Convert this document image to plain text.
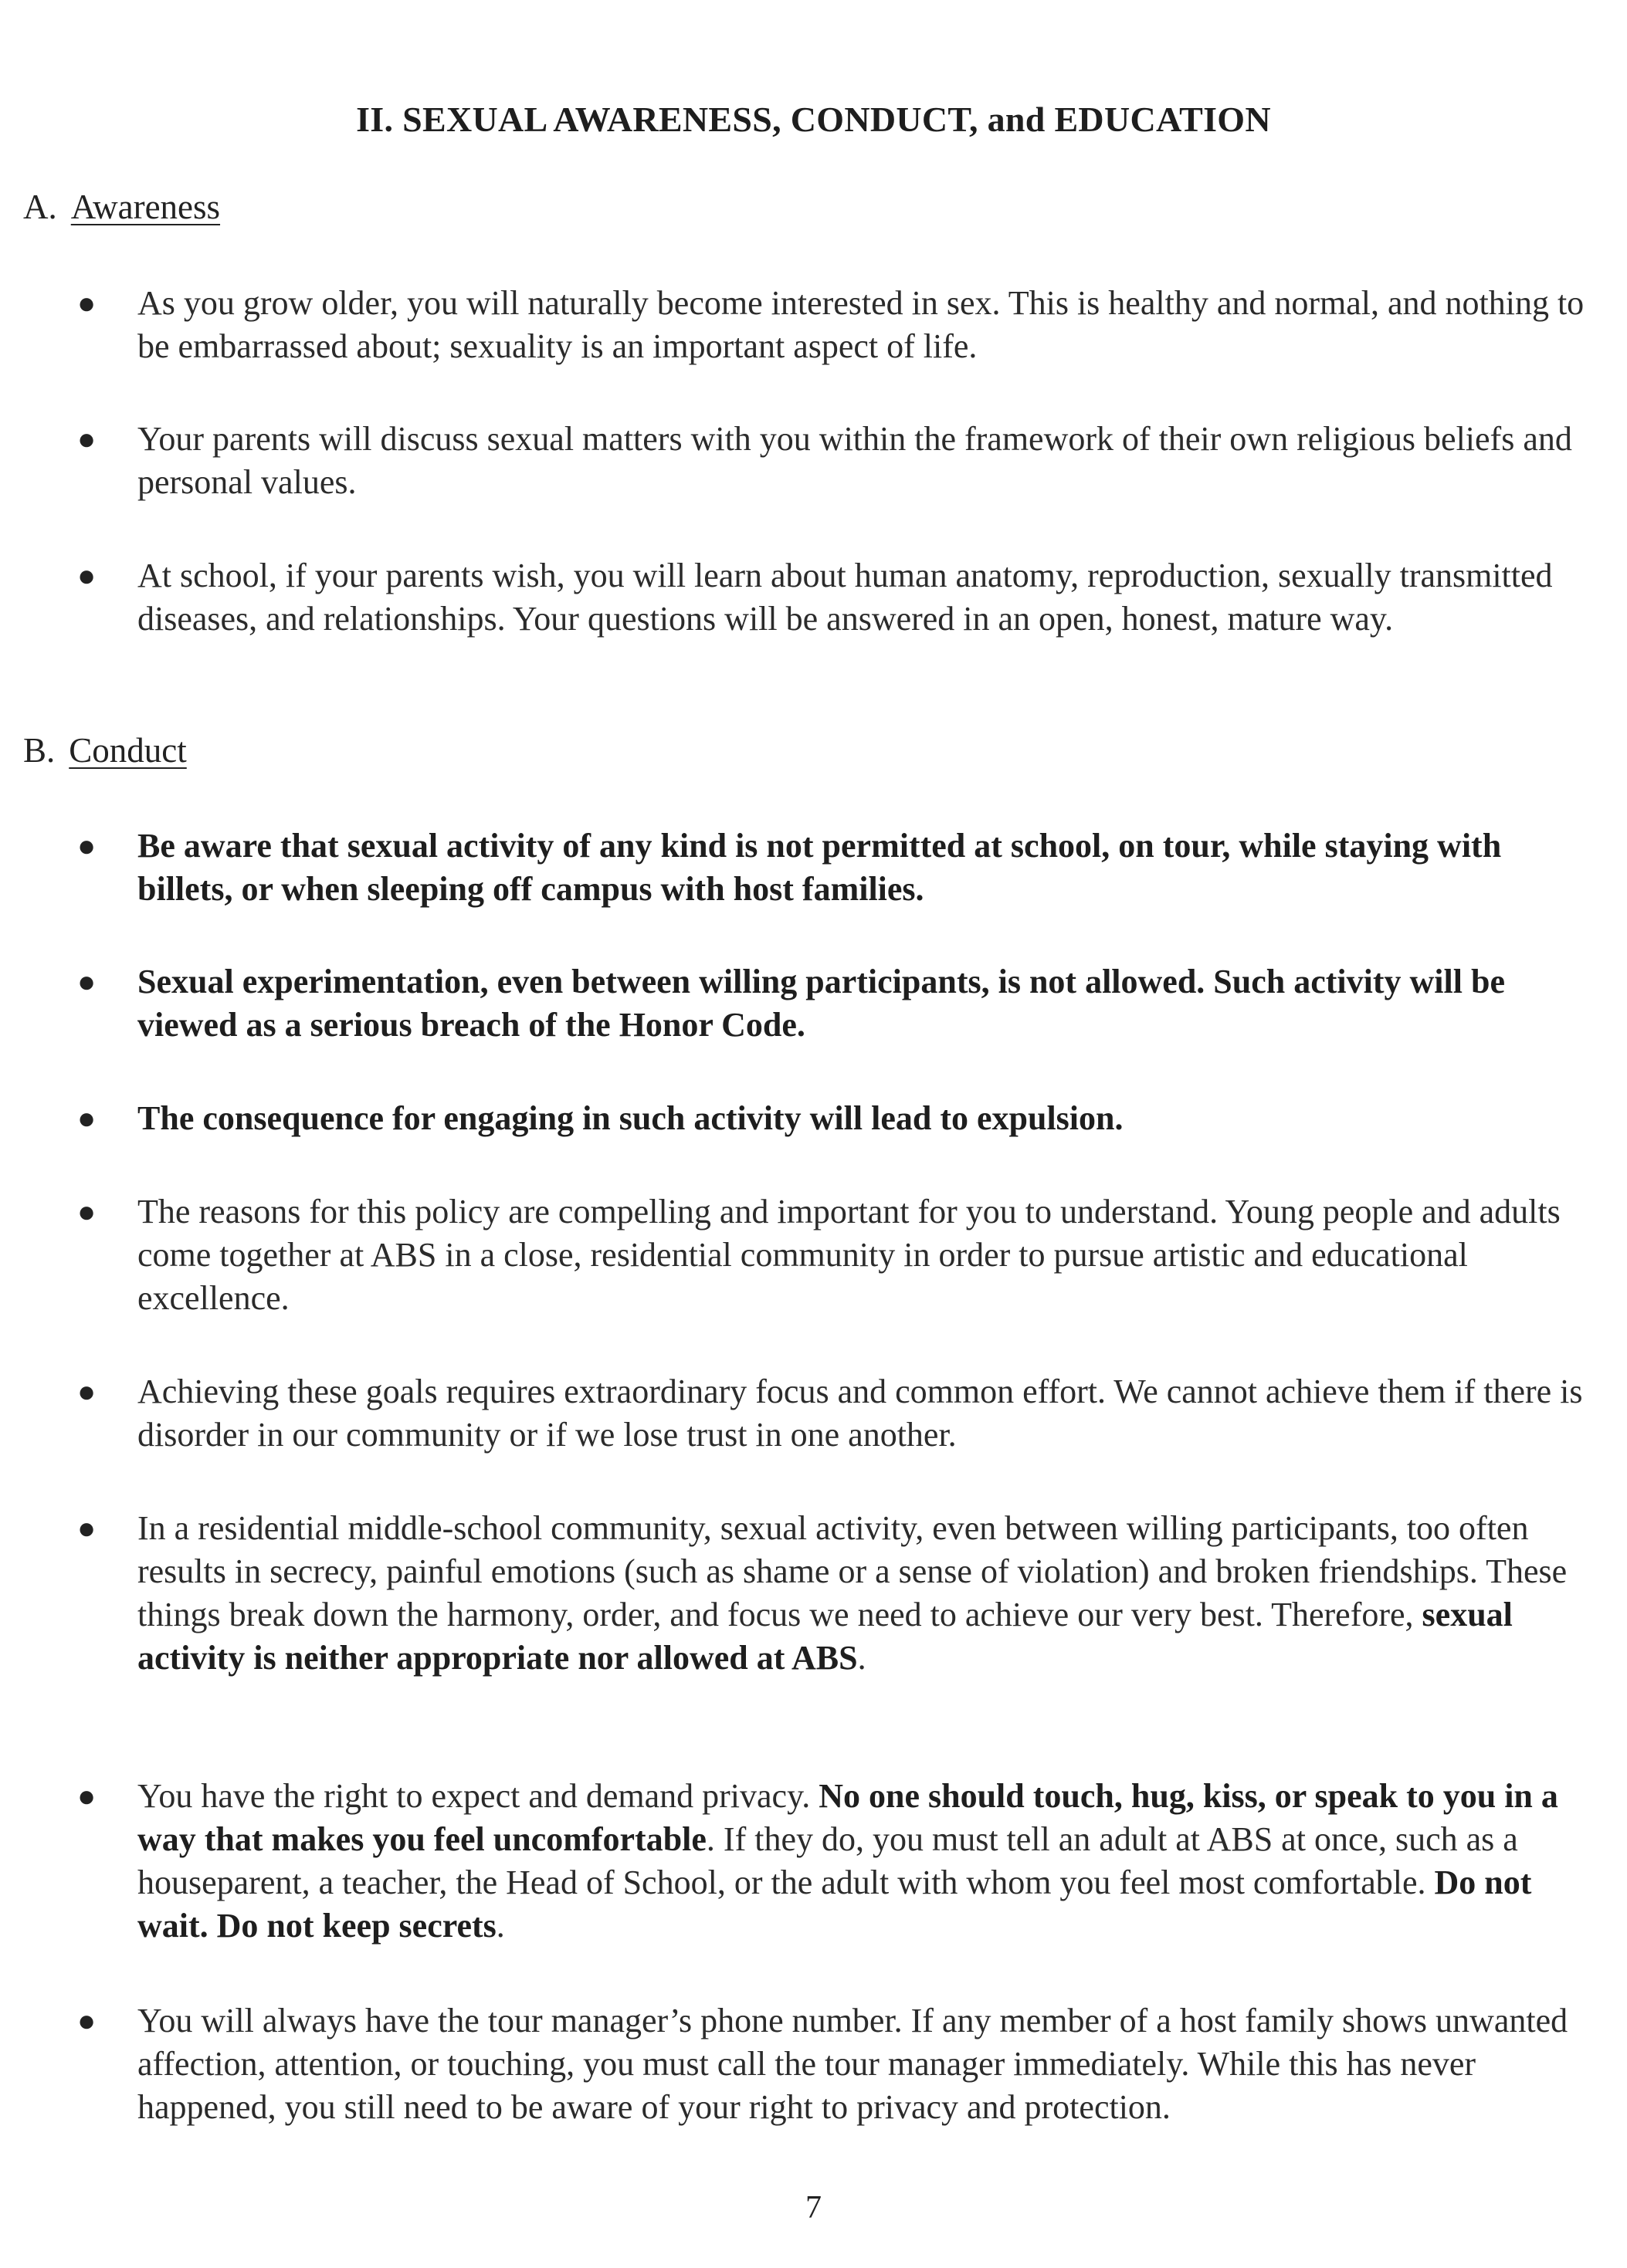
II. SEXUAL AWARENESS, CONDUCT, and EDUCATION
A. Awareness
● As you grow older, you will naturally become interested in sex. This is healthy and normal, and nothing to be embarrassed about; sexuality is an important aspect of life.
● Your parents will discuss sexual matters with you within the framework of their own religious beliefs and personal values.
● At school, if your parents wish, you will learn about human anatomy, reproduction, sexually transmitted diseases, and relationships. Your questions will be answered in an open, honest, mature way.
B. Conduct
● Be aware that sexual activity of any kind is not permitted at school, on tour, while staying with billets, or when sleeping off campus with host families.
● Sexual experimentation, even between willing participants, is not allowed. Such activity will be viewed as a serious breach of the Honor Code.
● The consequence for engaging in such activity will lead to expulsion.
● The reasons for this policy are compelling and important for you to understand. Young people and adults come together at ABS in a close, residential community in order to pursue artistic and educational excellence.
● Achieving these goals requires extraordinary focus and common effort. We cannot achieve them if there is disorder in our community or if we lose trust in one another.
● In a residential middle-school community, sexual activity, even between willing participants, too often results in secrecy, painful emotions (such as shame or a sense of violation) and broken friendships. These things break down the harmony, order, and focus we need to achieve our very best. Therefore, sexual activity is neither appropriate nor allowed at ABS.
● You have the right to expect and demand privacy. No one should touch, hug, kiss, or speak to you in a way that makes you feel uncomfortable. If they do, you must tell an adult at ABS at once, such as a houseparent, a teacher, the Head of School, or the adult with whom you feel most comfortable. Do not wait. Do not keep secrets.
● You will always have the tour manager’s phone number. If any member of a host family shows unwanted affection, attention, or touching, you must call the tour manager immediately. While this has never happened, you still need to be aware of your right to privacy and protection.
7
